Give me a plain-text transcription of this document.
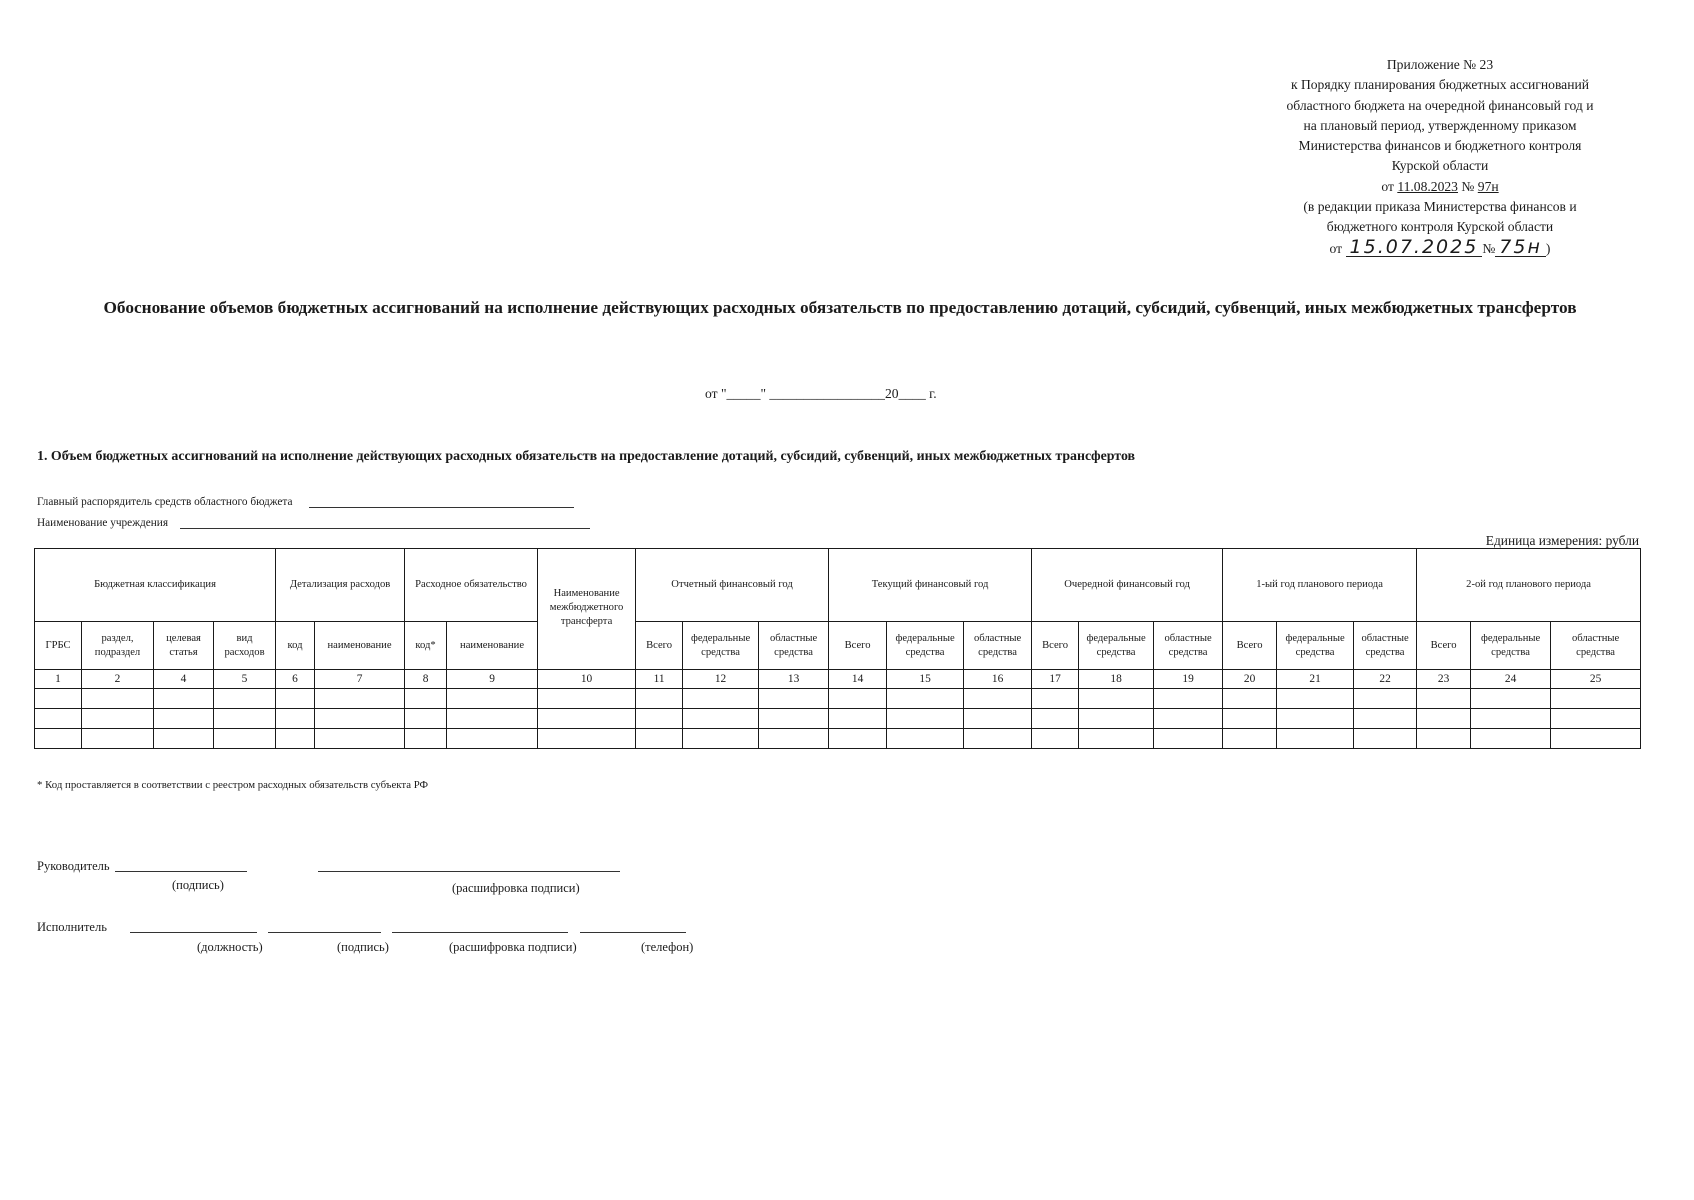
Приложение № 23
к Порядку планирования бюджетных ассигнований
областного бюджета на очередной финансовый год и
на плановый период, утвержденному приказом
Министерства финансов и бюджетного контроля
Курской области
от 11.08.2023 № 97н
(в редакции приказа Министерства финансов и
бюджетного контроля Курской области
от 15.07.2025 № 75н )
Обоснование объемов бюджетных ассигнований на исполнение действующих расходных обязательств по предоставлению дотаций, субсидий, субвенций, иных межбюджетных трансфертов
от "_____" _________________20____ г.
1. Объем бюджетных ассигнований на исполнение действующих расходных обязательств на предоставление дотаций, субсидий, субвенций, иных межбюджетных трансфертов
Главный распорядитель средств областного бюджета
Наименование учреждения
Единица измерения: рубли
Бюджетная классификация				Детализация расходов		Расходное обязательство		Наименование межбюджетного трансферта	Отчетный финансовый год			Текущий финансовый год			Очередной финансовый год			1-ый год планового периода			2-ой год планового периода		
ГРБС	раздел, подраздел	целевая статья	вид расходов	код	наименование	код*	наименование		Всего	федеральные средства	областные средства	Всего	федеральные средства	областные средства	Всего	федеральные средства	областные средства	Всего	федеральные средства	областные средства	Всего	федеральные средства	областные средства
1	2	4	5	6	7	8	9	10	11	12	13	14	15	16	17	18	19	20	21	22	23	24	25

* Код проставляется в соответствии с реестром расходных обязательств субъекта РФ
Руководитель
(подпись)	(расшифровка подписи)
Исполнитель
(должность)	(подпись)	(расшифровка подписи)	(телефон)
